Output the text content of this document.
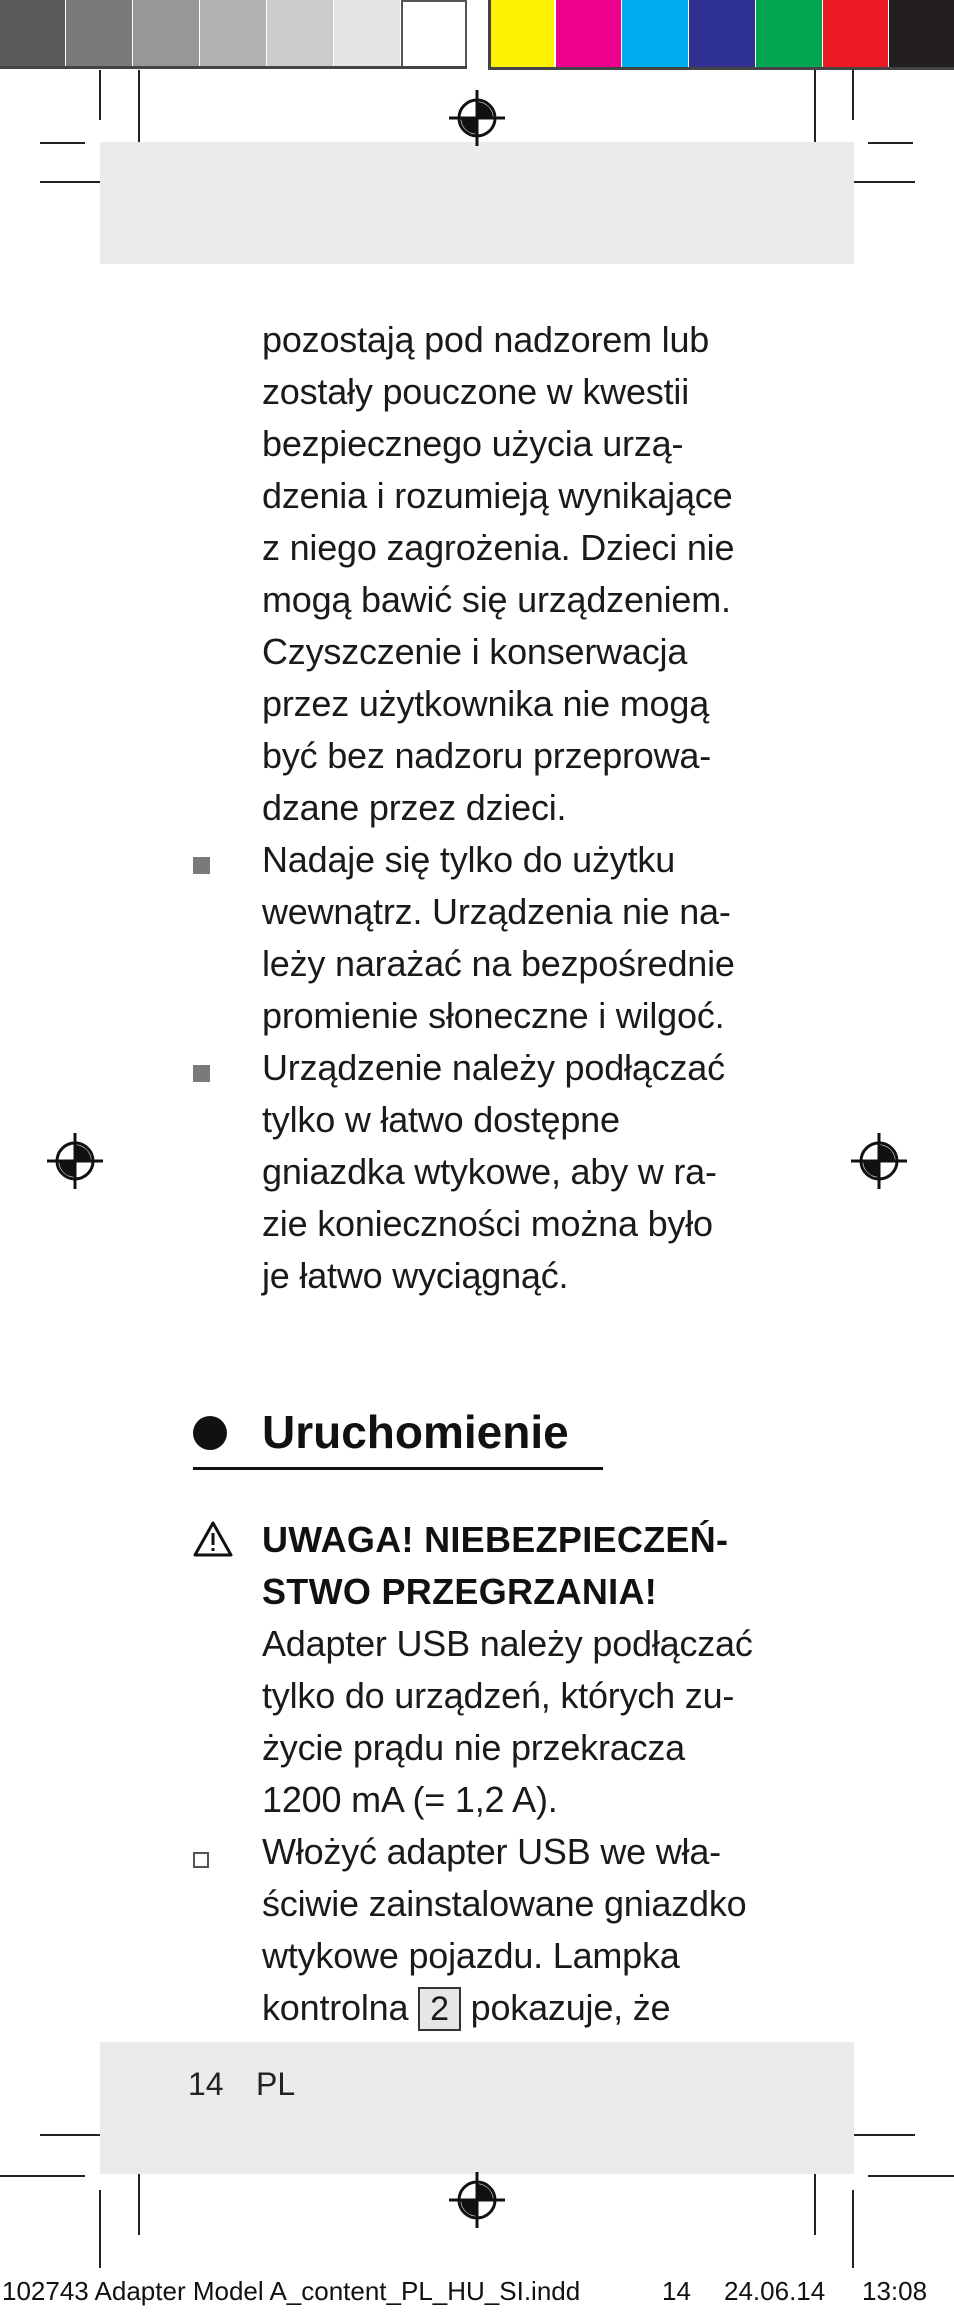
pozostają pod nadzorem lub
zostały pouczone w kwestii
bezpiecznego użycia urzą-
dzenia i rozumieją wynikające
z niego zagrożenia. Dzieci nie
mogą bawić się urządzeniem.
Czyszczenie i konserwacja
przez użytkownika nie mogą
być bez nadzoru przeprowa-
dzane przez dzieci.
Nadaje się tylko do użytku
wewnątrz. Urządzenia nie na-
leży narażać na bezpośrednie
promienie słoneczne i wilgoć.
Urządzenie należy podłączać
tylko w łatwo dostępne
gniazdka wtykowe, aby w ra-
zie konieczności można było
je łatwo wyciągnąć.
Uruchomienie
UWAGA! NIEBEZPIECZEŃ-
STWO PRZEGRZANIA!
Adapter USB należy podłączać
tylko do urządzeń, których zu-
życie prądu nie przekracza
1200 mA (= 1,2 A).
Włożyć adapter USB we wła-
ściwie zainstalowane gniazdko
wtykowe pojazdu. Lampka
kontrolna 2 pokazuje, że
14 PL
102743 Adapter Model A_content_PL_HU_SI.indd	14 24.06.14 13:08
